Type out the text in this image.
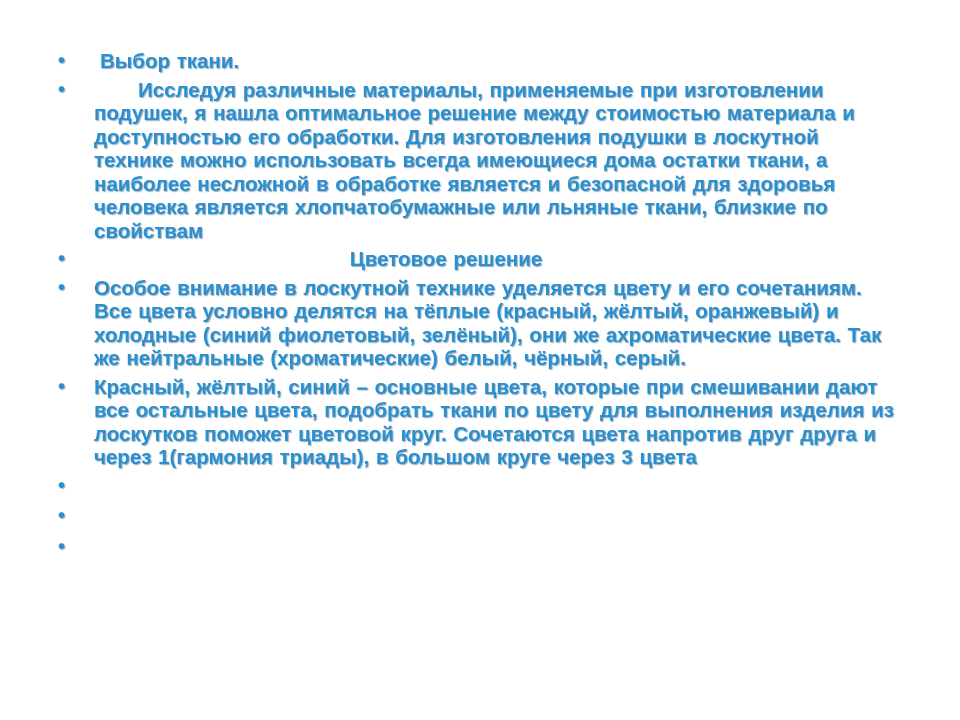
• Выбор ткани.
•	Исследуя различные материалы, применяемые при изготовлении подушек, я нашла оптимальное решение между стоимостью материала и доступностью его обработки. Для изготовления подушки в лоскутной технике можно использовать всегда имеющиеся дома остатки ткани, а наиболее несложной в обработке является и безопасной для здоровья человека является хлопчатобумажные или льняные ткани, близкие по свойствам
•	Цветовое решение
• Особое внимание в лоскутной технике уделяется цвету и его сочетаниям. Все цвета условно делятся на тёплые (красный, жёлтый, оранжевый) и холодные (синий фиолетовый, зелёный), они же ахроматические цвета. Так же нейтральные (хроматические) белый, чёрный, серый.
• Красный, жёлтый, синий – основные цвета, которые при смешивании дают все остальные цвета, подобрать ткани по цвету для выполнения изделия из лоскутков поможет цветовой круг. Сочетаются цвета напротив друг друга и через 1(гармония триады), в большом круге через 3 цвета
•
•
•
